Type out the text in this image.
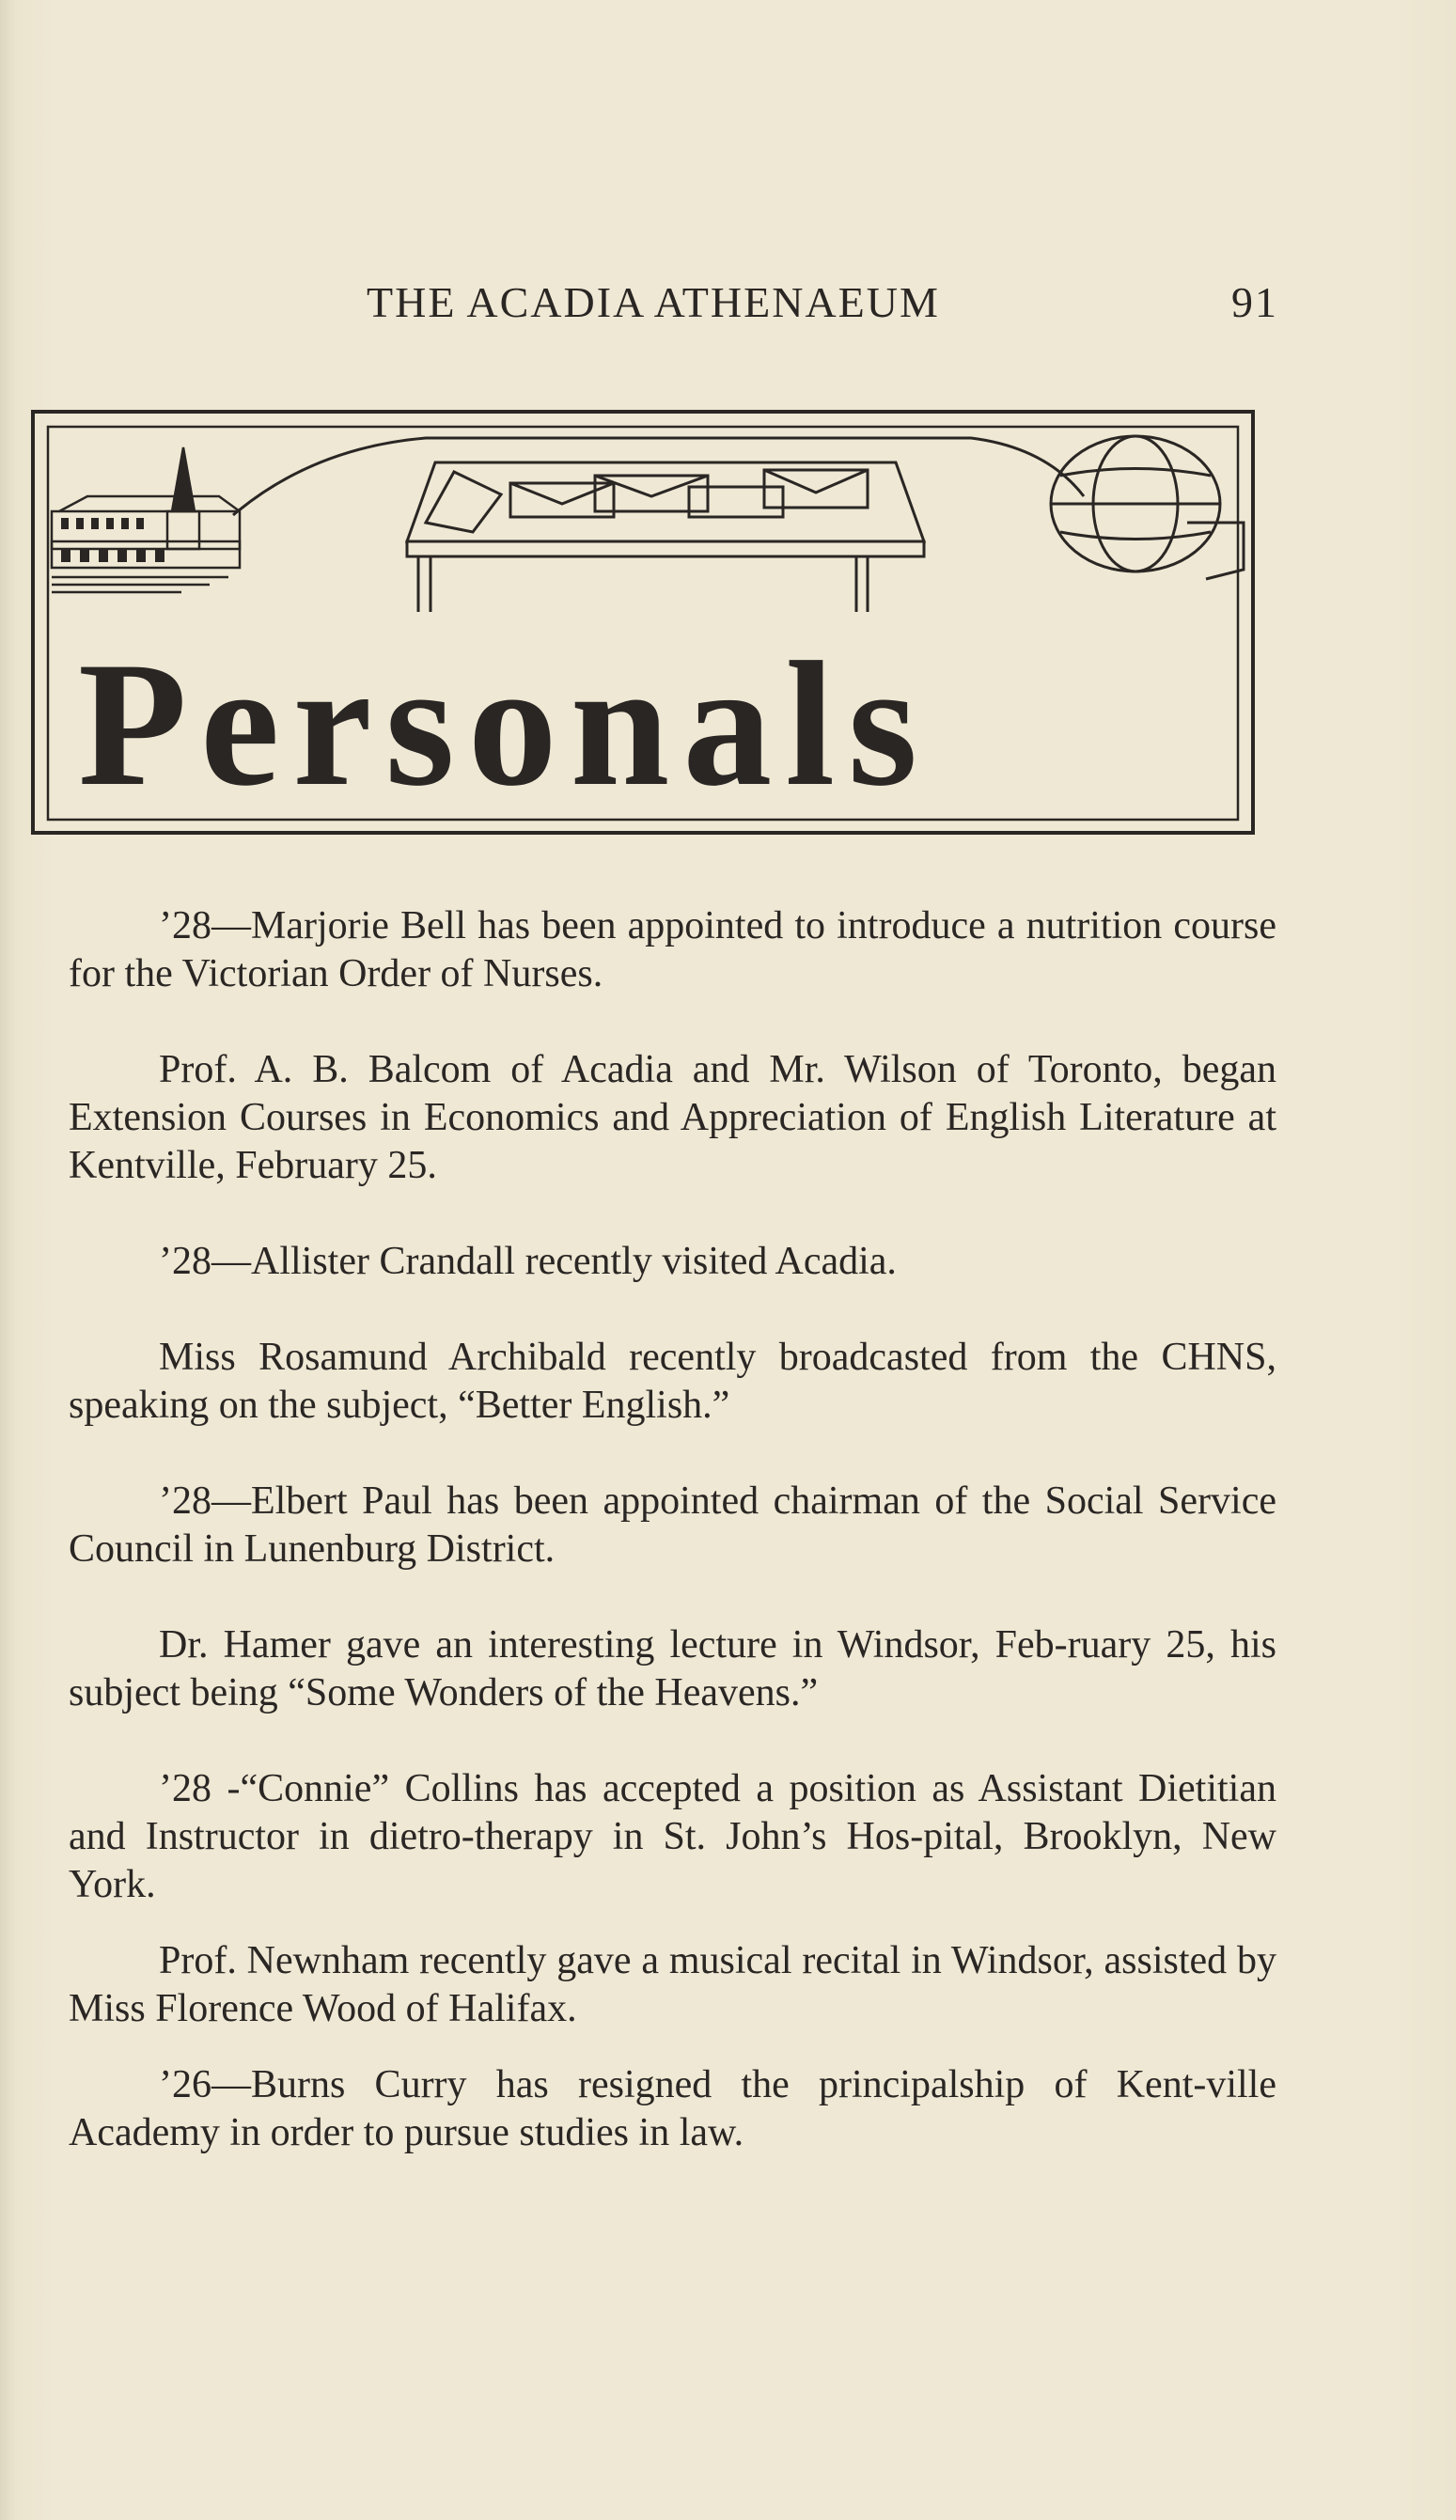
THE ACADIA ATHENAEUM	91
Personals

’28—Marjorie Bell has been appointed to introduce a nutrition course for the Victorian Order of Nurses.

Prof. A. B. Balcom of Acadia and Mr. Wilson of Toronto, began Extension Courses in Economics and Appreciation of English Literature at Kentville, February 25.

’28—Allister Crandall recently visited Acadia.

Miss Rosamund Archibald recently broadcasted from the CHNS, speaking on the subject, “Better English.”

’28—Elbert Paul has been appointed chairman of the Social Service Council in Lunenburg District.

Dr. Hamer gave an interesting lecture in Windsor, Feb-ruary 25, his subject being “Some Wonders of the Heavens.”

’28 -“Connie” Collins has accepted a position as Assistant Dietitian and Instructor in dietro-therapy in St. John’s Hos-pital, Brooklyn, New York.

Prof. Newnham recently gave a musical recital in Windsor, assisted by Miss Florence Wood of Halifax.

’26—Burns Curry has resigned the principalship of Kent-ville Academy in order to pursue studies in law.
